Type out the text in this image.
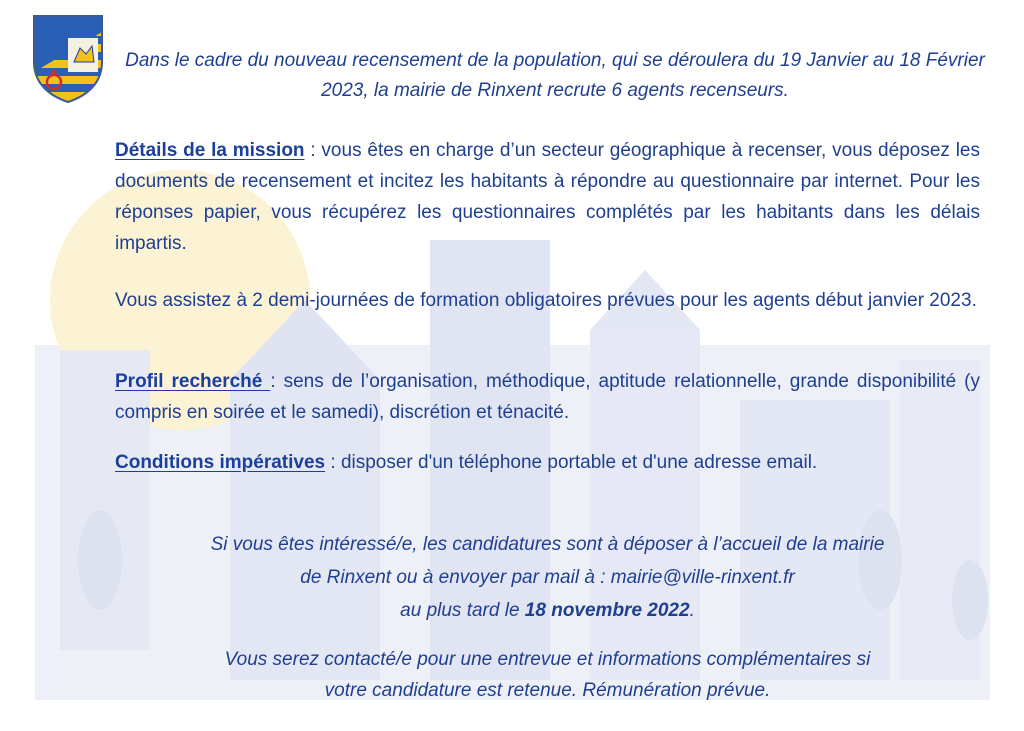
Dans le cadre du nouveau recensement de la population, qui se déroulera du 19 Janvier au 18 Février 2023, la mairie de Rinxent recrute 6 agents recenseurs.

Détails de la mission : vous êtes en charge d’un secteur géographique à recenser, vous déposez les documents de recensement et incitez les habitants à répondre au questionnaire par internet. Pour les réponses papier, vous récupérez les questionnaires complétés par les habitants dans les délais impartis.

Vous assistez à 2 demi-journées de formation obligatoires prévues pour les agents début janvier 2023.

Profil recherché : sens de l’organisation, méthodique, aptitude relationnelle, grande disponibilité (y compris en soirée et le samedi), discrétion et ténacité.

Conditions impératives : disposer d'un téléphone portable et d'une adresse email.

Si vous êtes intéressé/e, les candidatures sont à déposer à l’accueil de la mairie
de Rinxent ou à envoyer par mail à : mairie@ville-rinxent.fr
au plus tard le 18 novembre 2022.

Vous serez contacté/e pour une entrevue et informations complémentaires si
votre candidature est retenue. Rémunération prévue.
